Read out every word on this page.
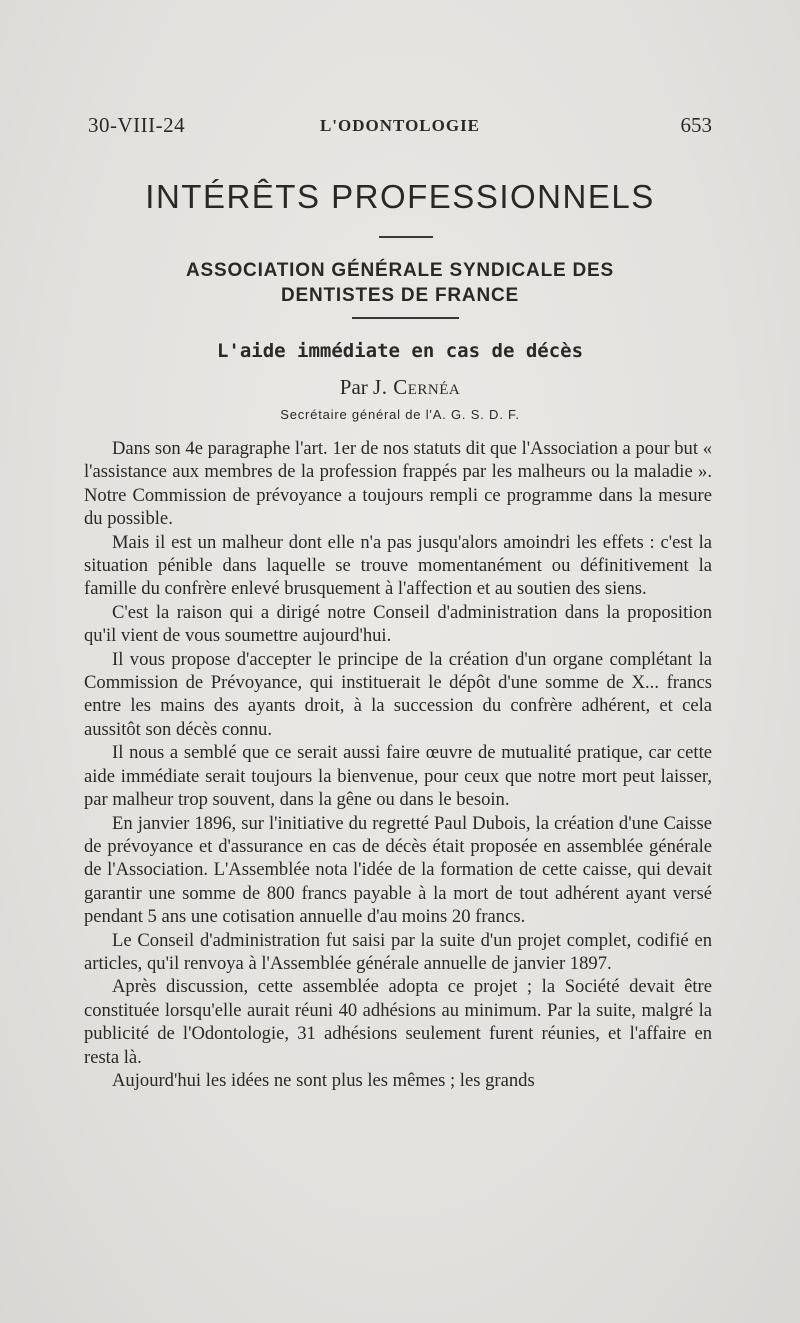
30-VIII-24	L'ODONTOLOGIE	653
INTÉRÊTS PROFESSIONNELS
ASSOCIATION GÉNÉRALE SYNDICALE DES
DENTISTES DE FRANCE
L'aide immédiate en cas de décès
Par J. Cernéa
Secrétaire général de l'A. G. S. D. F.

Dans son 4e paragraphe l'art. 1er de nos statuts dit que l'Association a pour but « l'assistance aux membres de la profession frappés par les malheurs ou la maladie ». Notre Commission de prévoyance a toujours rempli ce programme dans la mesure du possible.

Mais il est un malheur dont elle n'a pas jusqu'alors amoindri les effets : c'est la situation pénible dans laquelle se trouve momentanément ou définitivement la famille du confrère enlevé brusquement à l'affection et au soutien des siens.

C'est la raison qui a dirigé notre Conseil d'administration dans la proposition qu'il vient de vous soumettre aujourd'hui.

Il vous propose d'accepter le principe de la création d'un organe complétant la Commission de Prévoyance, qui instituerait le dépôt d'une somme de X... francs entre les mains des ayants droit, à la succession du confrère adhérent, et cela aussitôt son décès connu.

Il nous a semblé que ce serait aussi faire œuvre de mutualité pratique, car cette aide immédiate serait toujours la bienvenue, pour ceux que notre mort peut laisser, par malheur trop souvent, dans la gêne ou dans le besoin.

En janvier 1896, sur l'initiative du regretté Paul Dubois, la création d'une Caisse de prévoyance et d'assurance en cas de décès était proposée en assemblée générale de l'Association. L'Assemblée nota l'idée de la formation de cette caisse, qui devait garantir une somme de 800 francs payable à la mort de tout adhérent ayant versé pendant 5 ans une cotisation annuelle d'au moins 20 francs.

Le Conseil d'administration fut saisi par la suite d'un projet complet, codifié en articles, qu'il renvoya à l'Assemblée générale annuelle de janvier 1897.

Après discussion, cette assemblée adopta ce projet ; la Société devait être constituée lorsqu'elle aurait réuni 40 adhésions au minimum. Par la suite, malgré la publicité de l'Odontologie, 31 adhésions seulement furent réunies, et l'affaire en resta là.

Aujourd'hui les idées ne sont plus les mêmes ; les grands
